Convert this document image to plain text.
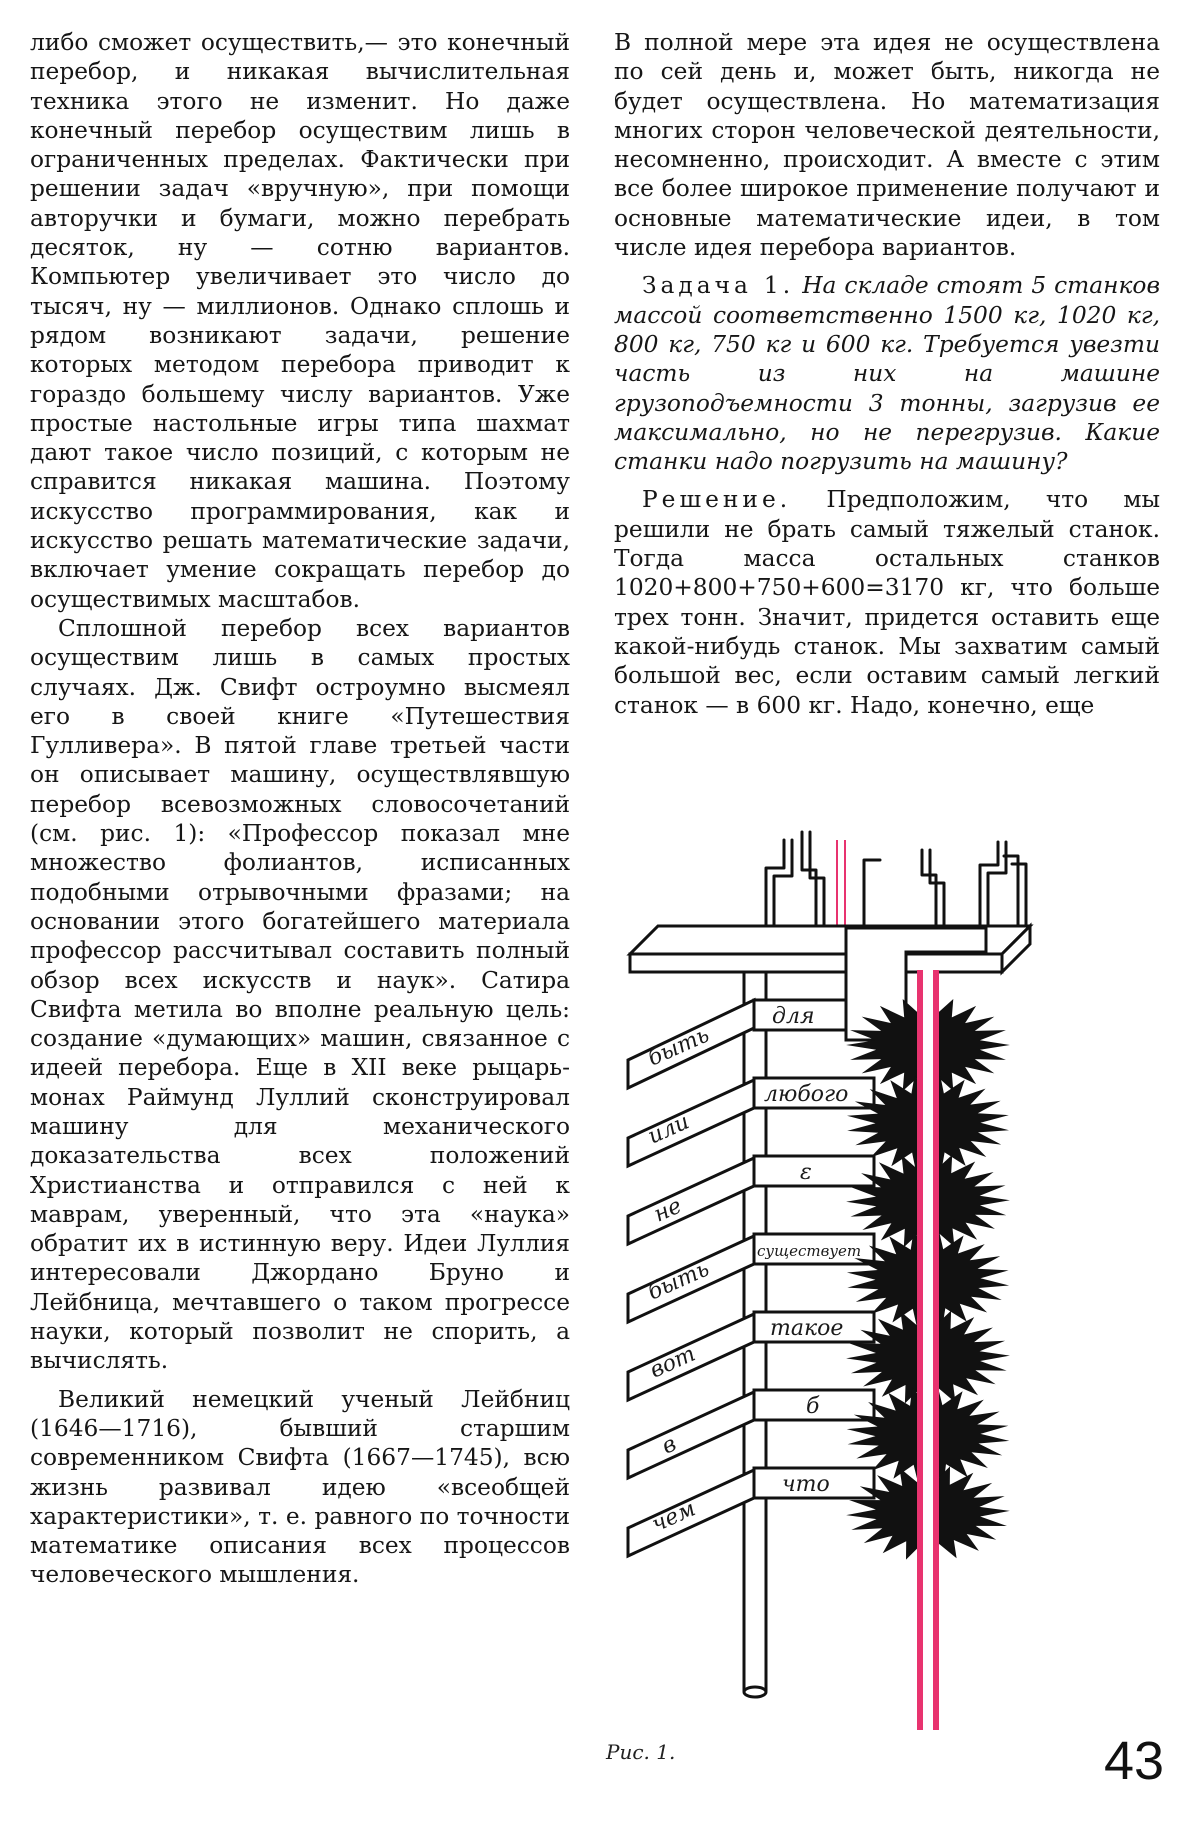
либо сможет осуществить,— это конечный перебор, и никакая вычислительная техника этого не изменит. Но даже конечный перебор осуществим лишь в ограниченных пределах. Фактически при решении задач «вручную», при помощи авторучки и бумаги, можно перебрать десяток, ну — сотню вариантов. Компьютер увеличивает это число до тысяч, ну — миллионов. Однако сплошь и рядом возникают задачи, решение которых методом перебора приводит к гораздо большему числу вариантов. Уже простые настольные игры типа шахмат дают такое число позиций, с которым не справится никакая машина. Поэтому искусство программирования, как и искусство решать математические задачи, включает умение сокращать перебор до осуществимых масштабов.

Сплошной перебор всех вариантов осуществим лишь в самых простых случаях. Дж. Свифт остроумно высмеял его в своей книге «Путешествия Гулливера». В пятой главе третьей части он описывает машину, осуществлявшую перебор всевозможных словосочетаний (см. рис. 1): «Профессор показал мне множество фолиантов, исписанных подобными отрывочными фразами; на основании этого богатейшего материала профессор рассчитывал составить полный обзор всех искусств и наук». Сатира Свифта метила во вполне реальную цель: создание «думающих» машин, связанное с идеей перебора. Еще в XII веке рыцарь-монах Раймунд Луллий сконструировал машину для механического доказательства всех положений Христианства и отправился с ней к маврам, уверенный, что эта «наука» обратит их в истинную веру. Идеи Луллия интересовали Джордано Бруно и Лейбница, мечтавшего о таком прогрессе науки, который позволит не спорить, а вычислять.

Великий немецкий ученый Лейбниц (1646—1716), бывший старшим современником Свифта (1667—1745), всю жизнь развивал идею «всеобщей характеристики», т. е. равного по точности математике описания всех процессов человеческого мышления.

В полной мере эта идея не осуществлена по сей день и, может быть, никогда не будет осуществлена. Но математизация многих сторон человеческой деятельности, несомненно, происходит. А вместе с этим все более широкое применение получают и основные математические идеи, в том числе идея перебора вариантов.

Задача 1. На складе стоят 5 станков массой соответственно 1500 кг, 1020 кг, 800 кг, 750 кг и 600 кг. Требуется увезти часть из них на машине грузоподъемности 3 тонны, загрузив ее максимально, но не перегрузив. Какие станки надо погрузить на машину?

Решение. Предположим, что мы решили не брать самый тяжелый станок. Тогда масса остальных станков 1020+800+750+600=3170 кг, что больше трех тонн. Значит, придется оставить еще какой-нибудь станок. Мы захватим самый большой вес, если оставим самый легкий станок — в 600 кг. Надо, конечно, еще

быть
для
или
любого
не
ε
быть
существует
вот
такое
в
б
чем
что
Рис. 1.	43
